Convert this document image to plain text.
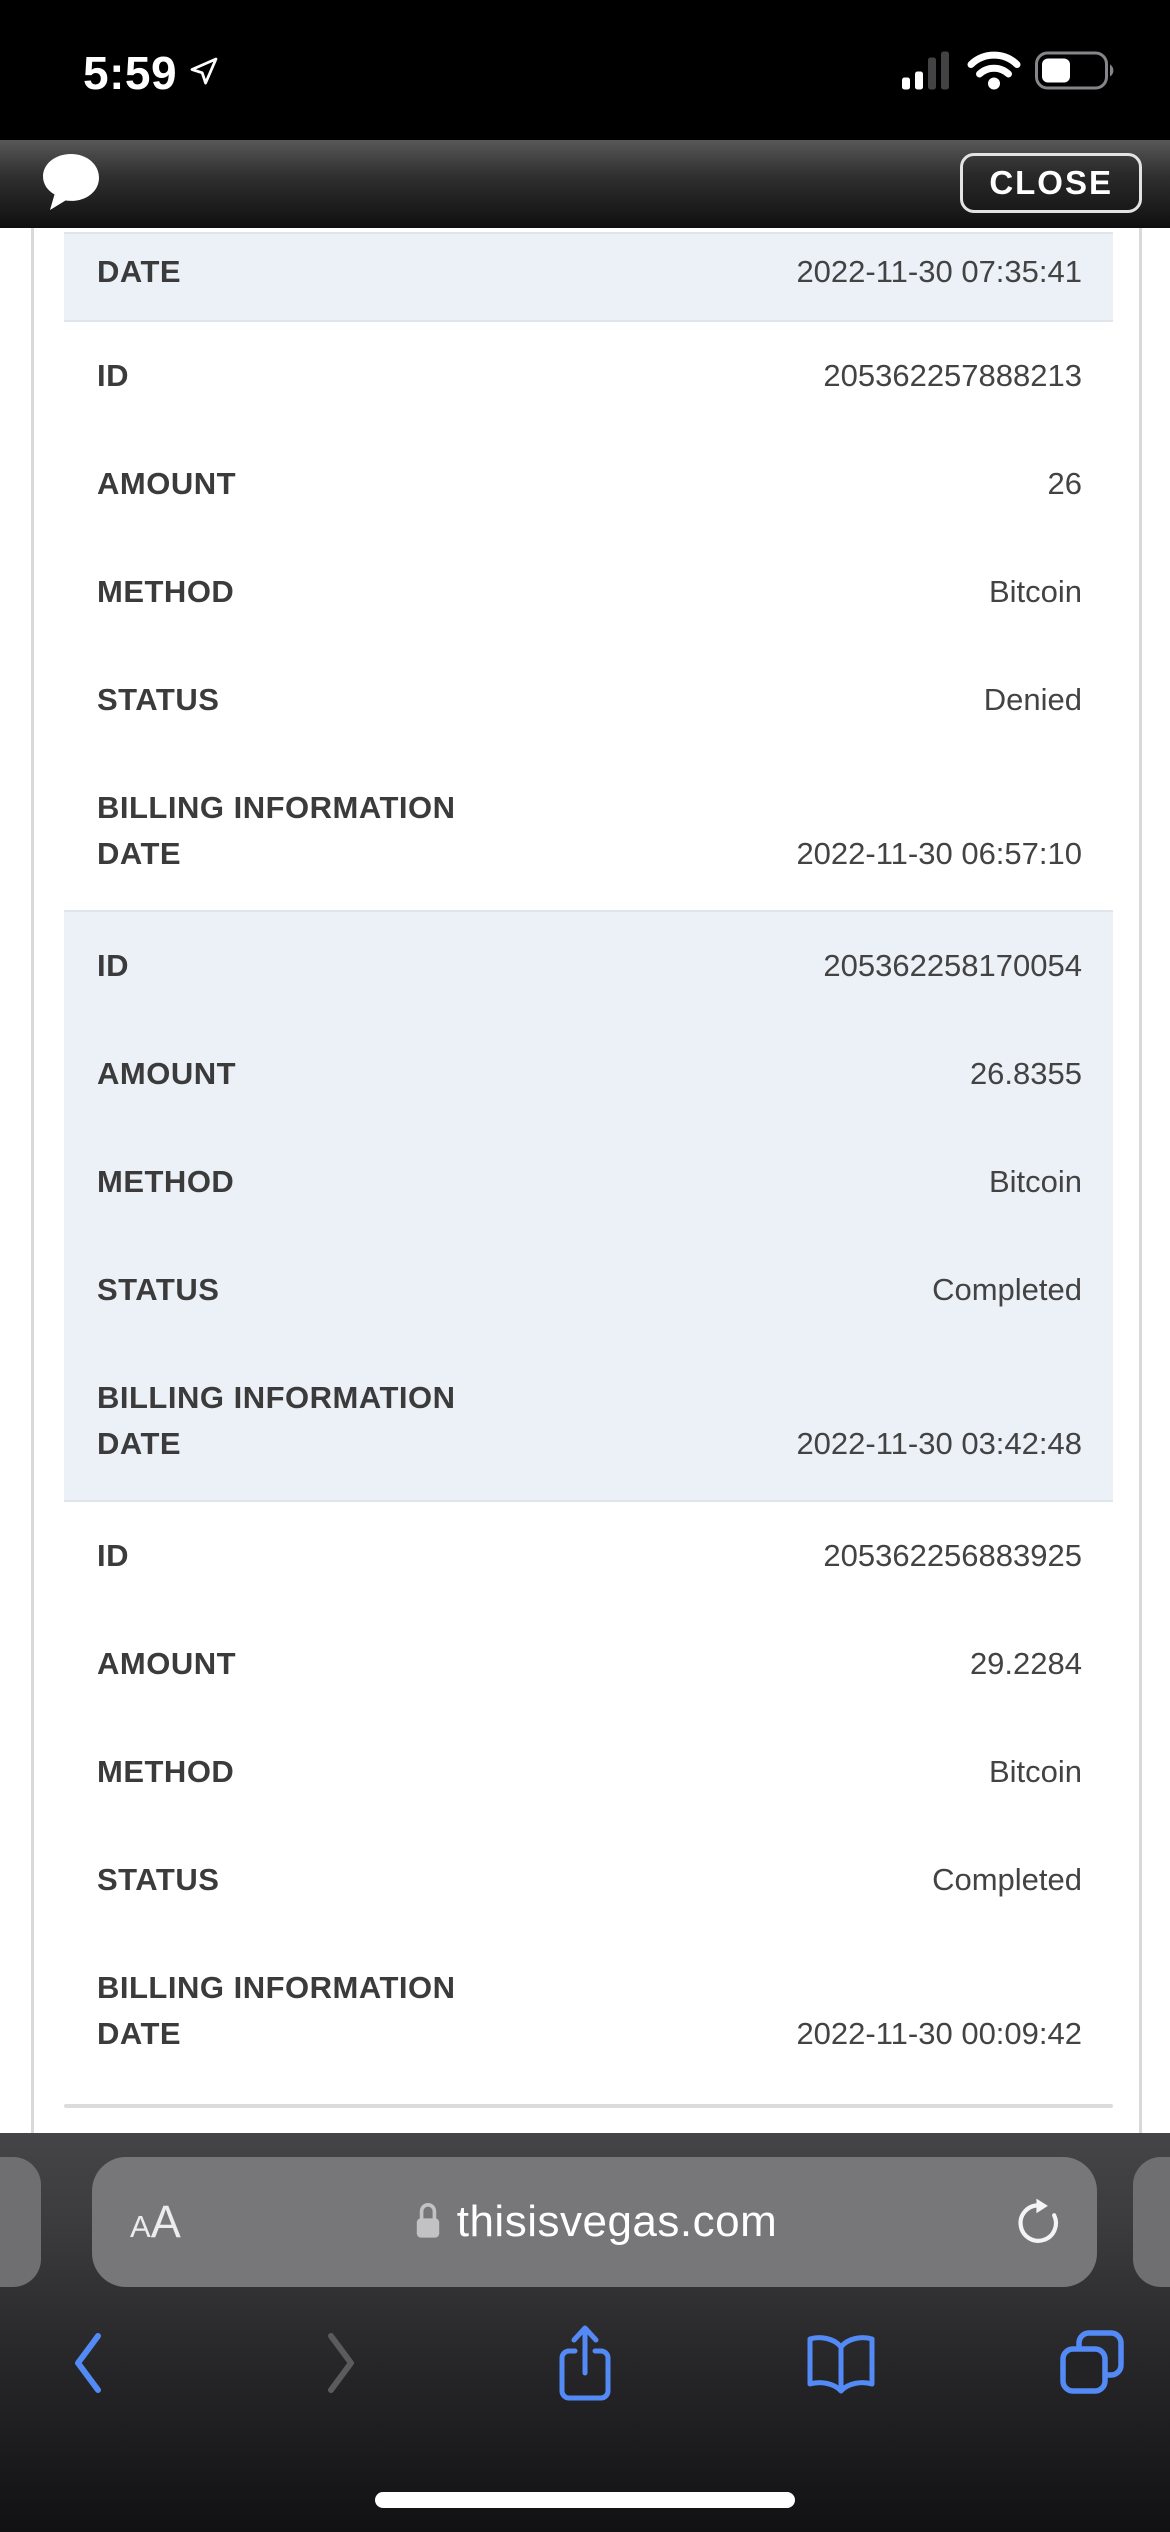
5:59
CLOSE
DATE	2022-11-30 07:35:41
ID	205362257888213
AMOUNT	26
METHOD	Bitcoin
STATUS	Denied
BILLING INFORMATION
DATE	2022-11-30 06:57:10
ID	205362258170054
AMOUNT	26.8355
METHOD	Bitcoin
STATUS	Completed
BILLING INFORMATION
DATE	2022-11-30 03:42:48
ID	205362256883925
AMOUNT	29.2284
METHOD	Bitcoin
STATUS	Completed
BILLING INFORMATION
DATE	2022-11-30 00:09:42
A A	thisisvegas.com
